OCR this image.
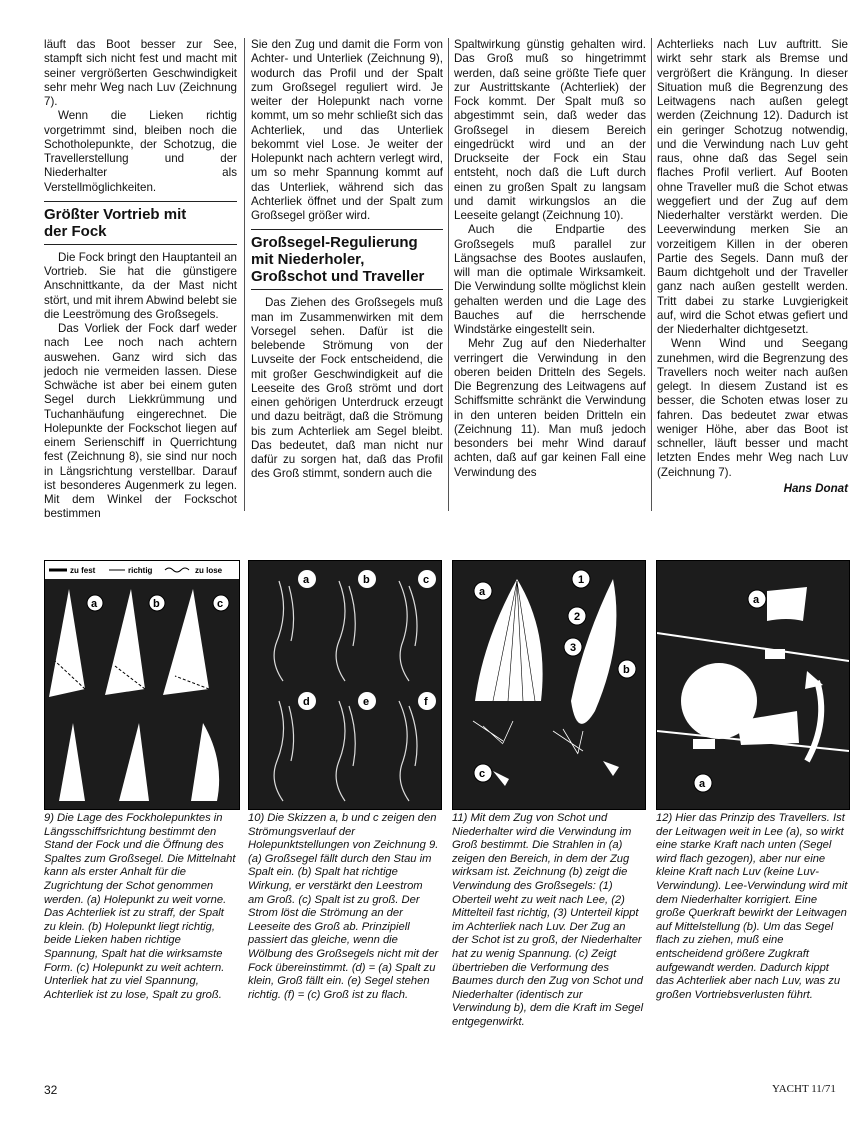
läuft das Boot besser zur See, stampft sich nicht fest und macht mit seiner vergrößerten Geschwindigkeit sehr mehr Weg nach Luv (Zeichnung 7).

Wenn die Lieken richtig vorgetrimmt sind, bleiben noch die Schotholepunkte, der Schotzug, die Travellerstellung und der Niederhalter als Verstellmöglichkeiten.

Größter Vortrieb mit
der Fock

Die Fock bringt den Hauptanteil an Vortrieb. Sie hat die günstigere Anschnittkante, da der Mast nicht stört, und mit ihrem Abwind belebt sie die Leeströmung des Großsegels.

Das Vorliek der Fock darf weder nach Lee noch nach achtern auswehen. Ganz wird sich das jedoch nie vermeiden lassen. Diese Schwäche ist aber bei einem guten Segel durch Liekkrümmung und Tuchanhäufung eingerechnet. Die Holepunkte der Fockschot liegen auf einem Serienschiff in Querrichtung fest (Zeichnung 8), sie sind nur noch in Längsrichtung verstellbar. Darauf ist besonderes Augenmerk zu legen. Mit dem Winkel der Fockschot bestimmen

Sie den Zug und damit die Form von Achter- und Unterliek (Zeichnung 9), wodurch das Profil und der Spalt zum Großsegel reguliert wird. Je weiter der Holepunkt nach vorne kommt, um so mehr schließt sich das Achterliek, und das Unterliek bekommt viel Lose. Je weiter der Holepunkt nach achtern verlegt wird, um so mehr Spannung kommt auf das Unterliek, während sich das Achterliek öffnet und der Spalt zum Großsegel größer wird.

Großsegel-Regulierung
mit Niederholer,
Großschot und Traveller

Das Ziehen des Großsegels muß man im Zusammenwirken mit dem Vorsegel sehen. Dafür ist die belebende Strömung von der Luvseite der Fock entscheidend, die mit großer Geschwindigkeit auf die Leeseite des Groß strömt und dort einen gehörigen Unterdruck erzeugt und dazu beiträgt, daß die Strömung bis zum Achterliek am Segel bleibt. Das bedeutet, daß man nicht nur dafür zu sorgen hat, daß das Profil des Groß stimmt, sondern auch die

Spaltwirkung günstig gehalten wird. Das Groß muß so hingetrimmt werden, daß seine größte Tiefe quer zur Austrittskante (Achterliek) der Fock kommt. Der Spalt muß so abgestimmt sein, daß weder das Großsegel in diesem Bereich eingedrückt wird und an der Druckseite der Fock ein Stau entsteht, noch daß die Luft durch einen zu großen Spalt zu langsam und damit wirkungslos an die Leeseite gelangt (Zeichnung 10).

Auch die Endpartie des Großsegels muß parallel zur Längsachse des Bootes auslaufen, will man die optimale Wirksamkeit. Die Verwindung sollte möglichst klein gehalten werden und die Lage des Bauches auf die herrschende Windstärke eingestellt sein.

Mehr Zug auf den Niederhalter verringert die Verwindung in den oberen beiden Dritteln des Segels. Die Begrenzung des Leitwagens auf Schiffsmitte schränkt die Verwindung in den unteren beiden Dritteln ein (Zeichnung 11). Man muß jedoch besonders bei mehr Wind darauf achten, daß auf gar keinen Fall eine Verwindung des

Achterlieks nach Luv auftritt. Sie wirkt sehr stark als Bremse und vergrößert die Krängung. In dieser Situation muß die Begrenzung des Leitwagens nach außen gelegt werden (Zeichnung 12). Dadurch ist ein geringer Schotzug notwendig, und die Verwindung nach Luv geht raus, ohne daß das Segel sein flaches Profil verliert. Auf Booten ohne Traveller muß die Schot etwas weggefiert und der Zug auf dem Niederhalter verstärkt werden. Die Leeverwindung merken Sie an vorzeitigem Killen in der oberen Partie des Segels. Dann muß der Baum dichtgeholt und der Traveller ganz nach außen gestellt werden. Tritt dabei zu starke Luvgierigkeit auf, wird die Schot etwas gefiert und der Niederhalter dichtgesetzt.

Wenn Wind und Seegang zunehmen, wird die Begrenzung des Travellers noch weiter nach außen gelegt. In diesem Zustand ist es besser, die Schoten etwas loser zu fahren. Das bedeutet zwar etwas weniger Höhe, aber das Boot ist schneller, läuft besser und macht letzten Endes mehr Weg nach Luv (Zeichnung 7).

Hans Donat
zu fest	richtig	zu lose
a	b	c
a	b	c
d	e	f
1
2
3
a
b
c
a
a
9) Die Lage des Fockholepunktes in Längsschiffsrichtung bestimmt den Stand der Fock und die Öffnung des Spaltes zum Großsegel. Die Mittelnaht kann als erster Anhalt für die Zugrichtung der Schot genommen werden. (a) Holepunkt zu weit vorne. Das Achterliek ist zu straff, der Spalt zu klein. (b) Holepunkt liegt richtig, beide Lieken haben richtige Spannung, Spalt hat die wirksamste Form. (c) Holepunkt zu weit achtern. Unterliek hat zu viel Spannung, Achterliek ist zu lose, Spalt zu groß.
10) Die Skizzen a, b und c zeigen den Strömungsverlauf der Holepunktstellungen von Zeichnung 9. (a) Großsegel fällt durch den Stau im Spalt ein. (b) Spalt hat richtige Wirkung, er verstärkt den Leestrom am Groß. (c) Spalt ist zu groß. Der Strom löst die Strömung an der Leeseite des Groß ab. Prinzipiell passiert das gleiche, wenn die Wölbung des Großsegels nicht mit der Fock übereinstimmt. (d) = (a) Spalt zu klein, Groß fällt ein. (e) Segel stehen richtig. (f) = (c) Groß ist zu flach.
11) Mit dem Zug von Schot und Niederhalter wird die Verwindung im Groß bestimmt. Die Strahlen in (a) zeigen den Bereich, in dem der Zug wirksam ist. Zeichnung (b) zeigt die Verwindung des Großsegels: (1) Oberteil weht zu weit nach Lee, (2) Mittelteil fast richtig, (3) Unterteil kippt im Achterliek nach Luv. Der Zug an der Schot ist zu groß, der Niederhalter hat zu wenig Spannung. (c) Zeigt übertrieben die Verformung des Baumes durch den Zug von Schot und Niederhalter (identisch zur Verwindung b), dem die Kraft im Segel entgegenwirkt.
12) Hier das Prinzip des Travellers. Ist der Leitwagen weit in Lee (a), so wirkt eine starke Kraft nach unten (Segel wird flach gezogen), aber nur eine kleine Kraft nach Luv (keine Luv-Verwindung). Lee-Verwindung wird mit dem Niederhalter korrigiert. Eine große Querkraft bewirkt der Leitwagen auf Mittelstellung (b). Um das Segel flach zu ziehen, muß eine entscheidend größere Zugkraft aufgewandt werden. Dadurch kippt das Achterliek aber nach Luv, was zu großen Vortriebsverlusten führt.
32	YACHT 11/71
